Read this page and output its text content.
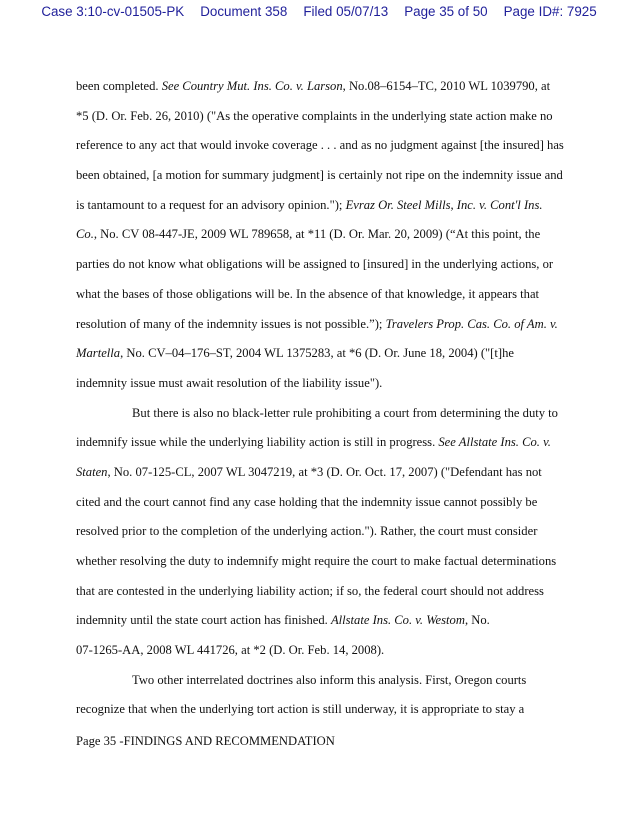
Case 3:10-cv-01505-PK Document 358 Filed 05/07/13 Page 35 of 50 Page ID#: 7925
been completed. See Country Mut. Ins. Co. v. Larson, No.08–6154–TC, 2010 WL 1039790, at
*5 (D. Or. Feb. 26, 2010) ("As the operative complaints in the underlying state action make no
reference to any act that would invoke coverage . . . and as no judgment against [the insured] has
been obtained, [a motion for summary judgment] is certainly not ripe on the indemnity issue and
is tantamount to a request for an advisory opinion."); Evraz Or. Steel Mills, Inc. v. Cont'l Ins.
Co., No. CV 08-447-JE, 2009 WL 789658, at *11 (D. Or. Mar. 20, 2009) (“At this point, the
parties do not know what obligations will be assigned to [insured] in the underlying actions, or
what the bases of those obligations will be. In the absence of that knowledge, it appears that
resolution of many of the indemnity issues is not possible.”); Travelers Prop. Cas. Co. of Am. v.
Martella, No. CV–04–176–ST, 2004 WL 1375283, at *6 (D. Or. June 18, 2004) ("[t]he
indemnity issue must await resolution of the liability issue").
But there is also no black-letter rule prohibiting a court from determining the duty to
indemnify issue while the underlying liability action is still in progress. See Allstate Ins. Co. v.
Staten, No. 07-125-CL, 2007 WL 3047219, at *3 (D. Or. Oct. 17, 2007) ("Defendant has not
cited and the court cannot find any case holding that the indemnity issue cannot possibly be
resolved prior to the completion of the underlying action."). Rather, the court must consider
whether resolving the duty to indemnify might require the court to make factual determinations
that are contested in the underlying liability action; if so, the federal court should not address
indemnity until the state court action has finished. Allstate Ins. Co. v. Westom, No.
07-1265-AA, 2008 WL 441726, at *2 (D. Or. Feb. 14, 2008).
Two other interrelated doctrines also inform this analysis. First, Oregon courts
recognize that when the underlying tort action is still underway, it is appropriate to stay a
Page 35 -FINDINGS AND RECOMMENDATION
